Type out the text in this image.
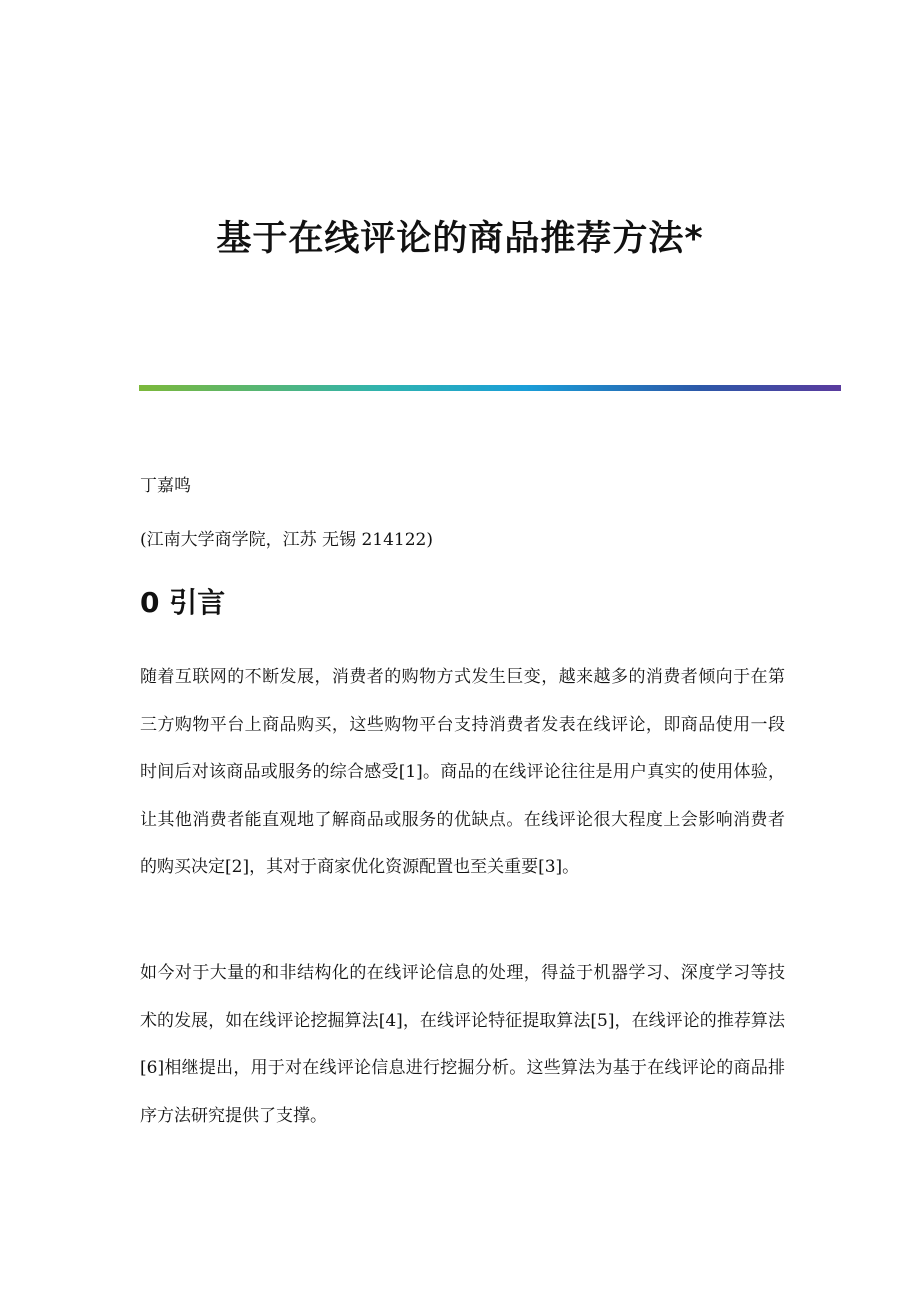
基于在线评论的商品推荐方法*

丁嘉鸣

(江南大学商学院，江苏 无锡 214122)

0 引言

随着互联网的不断发展，消费者的购物方式发生巨变，越来越多的消费者倾向于在第三方购物平台上商品购买，这些购物平台支持消费者发表在线评论，即商品使用一段时间后对该商品或服务的综合感受[1]。商品的在线评论往往是用户真实的使用体验，让其他消费者能直观地了解商品或服务的优缺点。在线评论很大程度上会影响消费者的购买决定[2]，其对于商家优化资源配置也至关重要[3]。

如今对于大量的和非结构化的在线评论信息的处理，得益于机器学习、深度学习等技术的发展，如在线评论挖掘算法[4]，在线评论特征提取算法[5]，在线评论的推荐算法[6]相继提出，用于对在线评论信息进行挖掘分析。这些算法为基于在线评论的商品排序方法研究提供了支撑。
